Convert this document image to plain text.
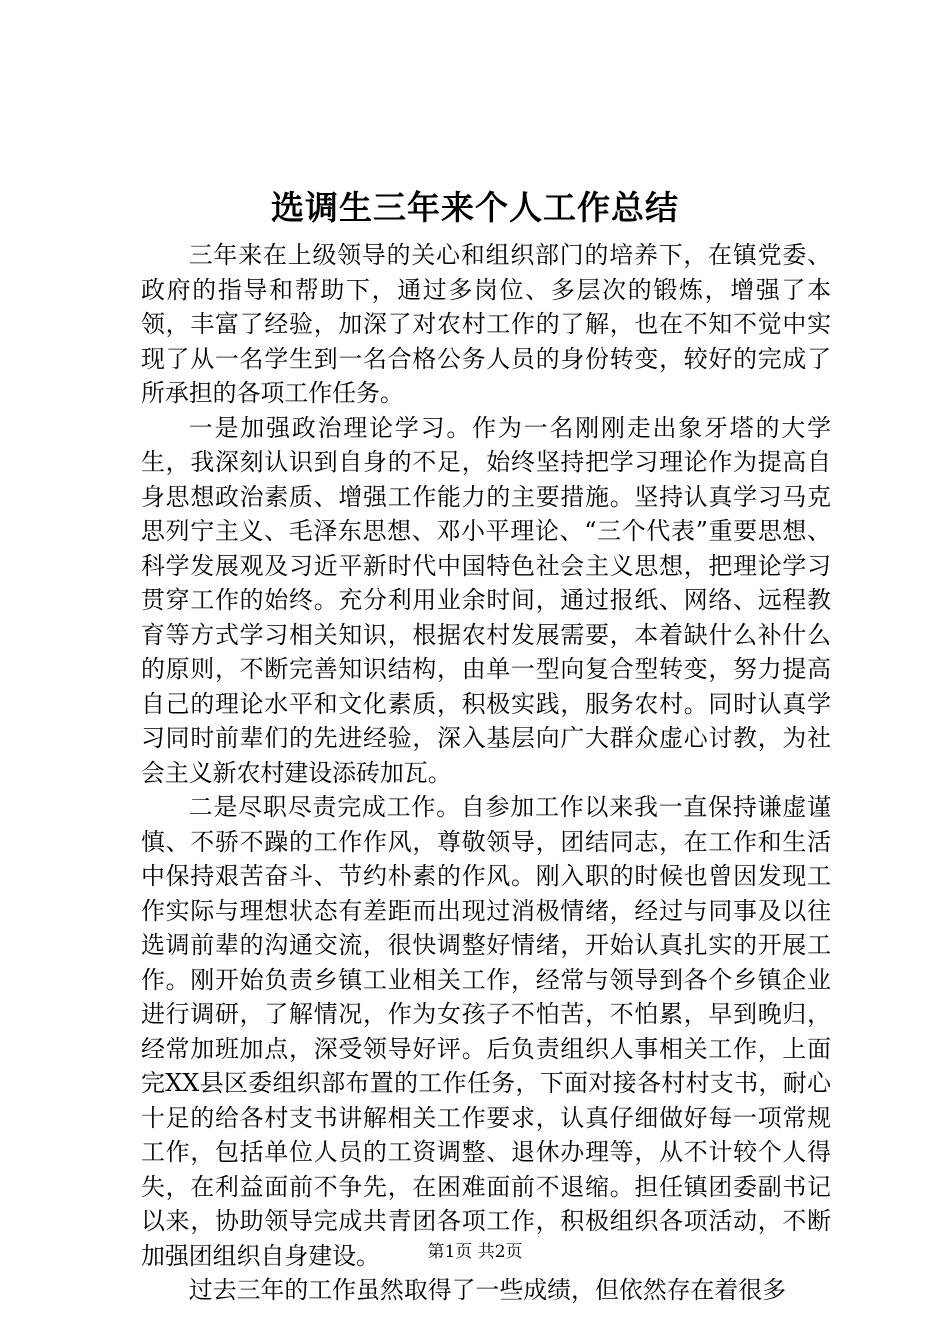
选调生三年来个人工作总结

三年来在上级领导的关心和组织部门的培养下，在镇党委、政府的指导和帮助下，通过多岗位、多层次的锻炼，增强了本领，丰富了经验，加深了对农村工作的了解，也在不知不觉中实现了从一名学生到一名合格公务人员的身份转变，较好的完成了所承担的各项工作任务。

一是加强政治理论学习。作为一名刚刚走出象牙塔的大学生，我深刻认识到自身的不足，始终坚持把学习理论作为提高自身思想政治素质、增强工作能力的主要措施。坚持认真学习马克思列宁主义、毛泽东思想、邓小平理论、“三个代表”重要思想、科学发展观及习近平新时代中国特色社会主义思想，把理论学习贯穿工作的始终。充分利用业余时间，通过报纸、网络、远程教育等方式学习相关知识，根据农村发展需要，本着缺什么补什么的原则，不断完善知识结构，由单一型向复合型转变，努力提高自己的理论水平和文化素质，积极实践，服务农村。同时认真学习同时前辈们的先进经验，深入基层向广大群众虚心讨教，为社会主义新农村建设添砖加瓦。

二是尽职尽责完成工作。自参加工作以来我一直保持谦虚谨慎、不骄不躁的工作作风，尊敬领导，团结同志，在工作和生活中保持艰苦奋斗、节约朴素的作风。刚入职的时候也曾因发现工作实际与理想状态有差距而出现过消极情绪，经过与同事及以往选调前辈的沟通交流，很快调整好情绪，开始认真扎实的开展工作。刚开始负责乡镇工业相关工作，经常与领导到各个乡镇企业进行调研，了解情况，作为女孩子不怕苦，不怕累，早到晚归，经常加班加点，深受领导好评。后负责组织人事相关工作，上面完XX县区委组织部布置的工作任务，下面对接各村村支书，耐心十足的给各村支书讲解相关工作要求，认真仔细做好每一项常规工作，包括单位人员的工资调整、退休办理等，从不计较个人得失，在利益面前不争先，在困难面前不退缩。担任镇团委副书记以来，协助领导完成共青团各项工作，积极组织各项活动，不断加强团组织自身建设。

过去三年的工作虽然取得了一些成绩，但依然存在着很多

第1页 共2页
